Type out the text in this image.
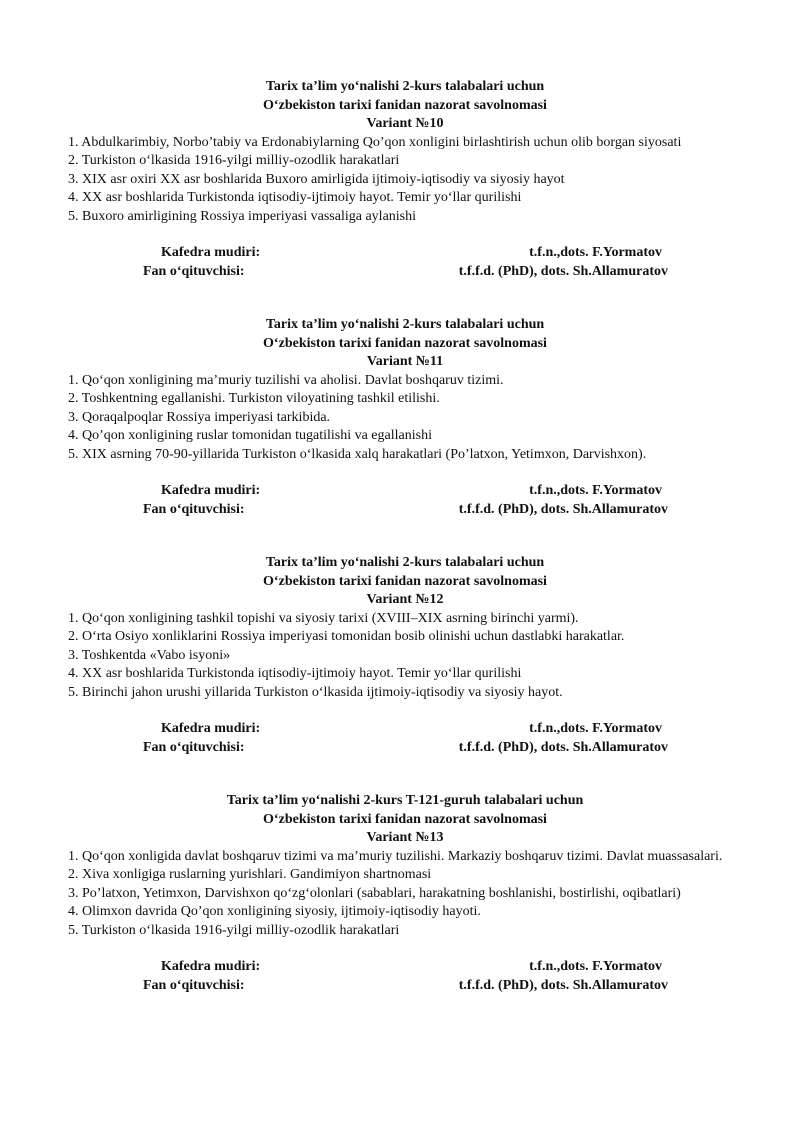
Tarix ta’lim yo‘nalishi 2-kurs talabalari uchun

O‘zbekiston tarixi fanidan nazorat savolnomasi

Variant №10

1. Abdulkarimbiy, Norbo’tabiy va Erdonabiylarning Qo’qon xonligini birlashtirish uchun olib borgan siyosati
2. Turkiston o‘lkasida 1916-yilgi milliy-ozodlik harakatlari
3. XIX asr oxiri XX asr boshlarida Buxoro amirligida ijtimoiy-iqtisodiy va siyosiy hayot
4. XX asr boshlarida Turkistonda iqtisodiy-ijtimoiy hayot. Temir yo‘llar qurilishi
5. Buxoro amirligining Rossiya imperiyasi vassaliga aylanishi
Kafedra mudiri:	t.f.n.,dots. F.Yormatov
Fan o‘qituvchisi:	t.f.f.d. (PhD), dots. Sh.Allamuratov

Tarix ta’lim yo‘nalishi 2-kurs talabalari uchun

O‘zbekiston tarixi fanidan nazorat savolnomasi

Variant №11

1. Qo‘qon xonligining ma’muriy tuzilishi va aholisi. Davlat boshqaruv tizimi.
2. Toshkentning egallanishi. Turkiston viloyatining tashkil etilishi.
3. Qoraqalpoqlar Rossiya imperiyasi tarkibida.
4. Qo’qon xonligining ruslar tomonidan tugatilishi va egallanishi
5. XIX asrning 70-90-yillarida Turkiston o‘lkasida xalq harakatlari (Po’latxon, Yetimxon, Darvishxon).
Kafedra mudiri:	t.f.n.,dots. F.Yormatov
Fan o‘qituvchisi:	t.f.f.d. (PhD), dots. Sh.Allamuratov

Tarix ta’lim yo‘nalishi 2-kurs talabalari uchun

O‘zbekiston tarixi fanidan nazorat savolnomasi

Variant №12

1. Qo‘qon xonligining tashkil topishi va siyosiy tarixi (XVIII–XIX asrning birinchi yarmi).
2. O‘rta Osiyo xonliklarini Rossiya imperiyasi tomonidan bosib olinishi uchun dastlabki harakatlar.
3. Toshkentda «Vabo isyoni»
4. XX asr boshlarida Turkistonda iqtisodiy-ijtimoiy hayot. Temir yo‘llar qurilishi
5. Birinchi jahon urushi yillarida Turkiston o‘lkasida ijtimoiy-iqtisodiy va siyosiy hayot.
Kafedra mudiri:	t.f.n.,dots. F.Yormatov
Fan o‘qituvchisi:	t.f.f.d. (PhD), dots. Sh.Allamuratov

Tarix ta’lim yo‘nalishi 2-kurs T-121-guruh talabalari uchun

O‘zbekiston tarixi fanidan nazorat savolnomasi

Variant №13

1. Qo‘qon xonligida davlat boshqaruv tizimi va ma’muriy tuzilishi. Markaziy boshqaruv tizimi. Davlat muassasalari.
2. Xiva xonligiga ruslarning yurishlari. Gandimiyon shartnomasi
3. Po’latxon, Yetimxon, Darvishxon qo‘zg‘olonlari (sabablari, harakatning boshlanishi, bostirlishi, oqibatlari)
4. Olimxon davrida Qo’qon xonligining siyosiy, ijtimoiy-iqtisodiy hayoti.
5. Turkiston o‘lkasida 1916-yilgi milliy-ozodlik harakatlari
Kafedra mudiri:	t.f.n.,dots. F.Yormatov
Fan o‘qituvchisi:	t.f.f.d. (PhD), dots. Sh.Allamuratov
